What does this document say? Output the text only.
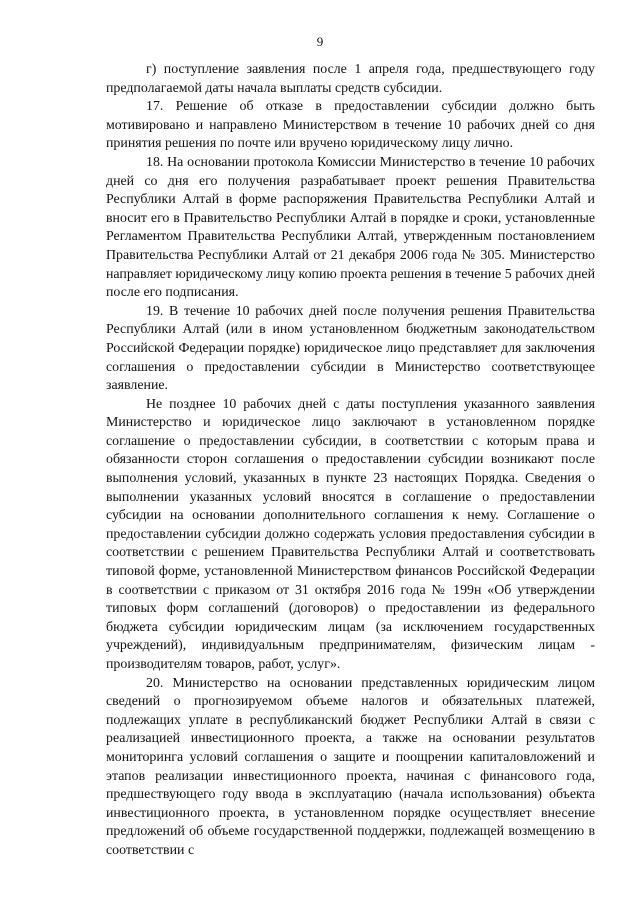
9

г) поступление заявления после 1 апреля года, предшествующего году предполагаемой даты начала выплаты средств субсидии.

17. Решение об отказе в предоставлении субсидии должно быть мотивировано и направлено Министерством в течение 10 рабочих дней со дня принятия решения по почте или вручено юридическому лицу лично.

18. На основании протокола Комиссии Министерство в течение 10 рабочих дней со дня его получения разрабатывает проект решения Правительства Республики Алтай в форме распоряжения Правительства Республики Алтай и вносит его в Правительство Республики Алтай в порядке и сроки, установленные Регламентом Правительства Республики Алтай, утвержденным постановлением Правительства Республики Алтай от 21 декабря 2006 года № 305. Министерство направляет юридическому лицу копию проекта решения в течение 5 рабочих дней после его подписания.

19. В течение 10 рабочих дней после получения решения Правительства Республики Алтай (или в ином установленном бюджетным законодательством Российской Федерации порядке) юридическое лицо представляет для заключения соглашения о предоставлении субсидии в Министерство соответствующее заявление.

Не позднее 10 рабочих дней с даты поступления указанного заявления Министерство и юридическое лицо заключают в установленном порядке соглашение о предоставлении субсидии, в соответствии с которым права и обязанности сторон соглашения о предоставлении субсидии возникают после выполнения условий, указанных в пункте 23 настоящих Порядка. Сведения о выполнении указанных условий вносятся в соглашение о предоставлении субсидии на основании дополнительного соглашения к нему. Соглашение о предоставлении субсидии должно содержать условия предоставления субсидии в соответствии с решением Правительства Республики Алтай и соответствовать типовой форме, установленной Министерством финансов Российской Федерации в соответствии с приказом от 31 октября 2016 года № 199н «Об утверждении типовых форм соглашений (договоров) о предоставлении из федерального бюджета субсидии юридическим лицам (за исключением государственных учреждений), индивидуальным предпринимателям, физическим лицам - производителям товаров, работ, услуг».

20. Министерство на основании представленных юридическим лицом сведений о прогнозируемом объеме налогов и обязательных платежей, подлежащих уплате в республиканский бюджет Республики Алтай в связи с реализацией инвестиционного проекта, а также на основании результатов мониторинга условий соглашения о защите и поощрении капиталовложений и этапов реализации инвестиционного проекта, начиная с финансового года, предшествующего году ввода в эксплуатацию (начала использования) объекта инвестиционного проекта, в установленном порядке осуществляет внесение предложений об объеме государственной поддержки, подлежащей возмещению в соответствии с
